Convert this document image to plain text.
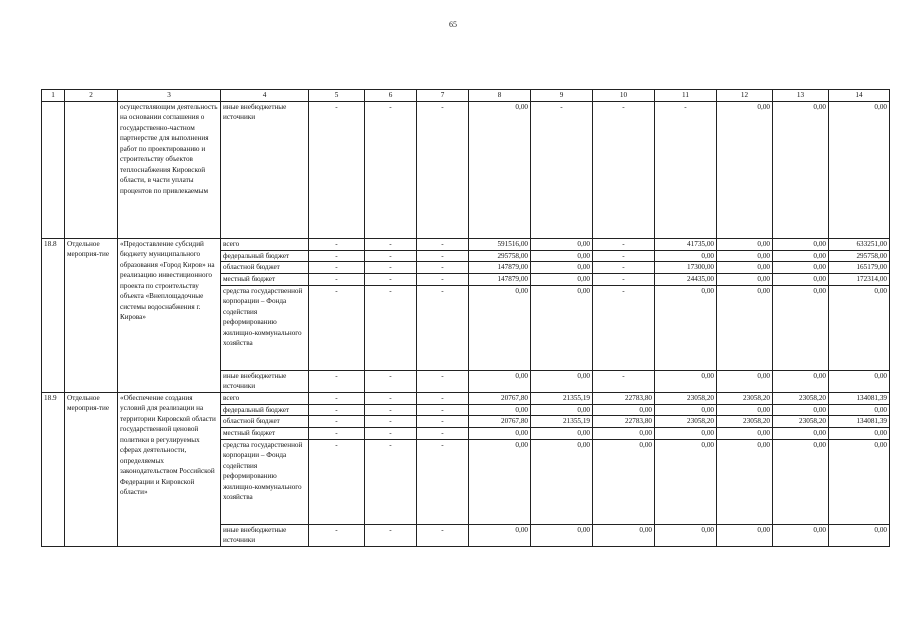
65
1	2	3	4	5	6	7	8	9	10	11	12	13	14
		осуществляющим деятельность на основании соглашения о государственно-частном партнерстве для выполнения работ по проектированию и строительству объектов теплоснабжения Кировской области, в части уплаты процентов по привлекаемым	иные внебюджетные источники	-	-	-	0,00	-	-	-	0,00	0,00	0,00
18.8	Отдельное мероприя-тие	«Предоставление субсидий бюджету муниципального образования «Город Киров» на реализацию инвестиционного проекта по строительству объекта «Внеплощадочные системы водоснабжения г. Кирова»	всего	-	-	-	591516,00	0,00	-	41735,00	0,00	0,00	633251,00
			федеральный бюджет	-	-	-	295758,00	0,00	-	0,00	0,00	0,00	295758,00
			областной бюджет	-	-	-	147879,00	0,00	-	17300,00	0,00	0,00	165179,00
			местный бюджет	-	-	-	147879,00	0,00	-	24435,00	0,00	0,00	172314,00
			средства государственной корпорации – Фонда содействия реформированию жилищно-коммунального хозяйства	-	-	-	0,00	0,00	-	0,00	0,00	0,00	0,00
			иные внебюджетные источники	-	-	-	0,00	0,00	-	0,00	0,00	0,00	0,00
18.9	Отдельное мероприя-тие	«Обеспечение создания условий для реализации на территории Кировской области государственной ценовой политики в регулируемых сферах деятельности, определяемых законодательством Российской Федерации и Кировской области»	всего	-	-	-	20767,80	21355,19	22783,80	23058,20	23058,20	23058,20	134081,39
			федеральный бюджет	-	-	-	0,00	0,00	0,00	0,00	0,00	0,00	0,00
			областной бюджет	-	-	-	20767,80	21355,19	22783,80	23058,20	23058,20	23058,20	134081,39
			местный бюджет	-	-	-	0,00	0,00	0,00	0,00	0,00	0,00	0,00
			средства государственной корпорации – Фонда содействия реформированию жилищно-коммунального хозяйства	-	-	-	0,00	0,00	0,00	0,00	0,00	0,00	0,00
			иные внебюджетные источники	-	-	-	0,00	0,00	0,00	0,00	0,00	0,00	0,00
